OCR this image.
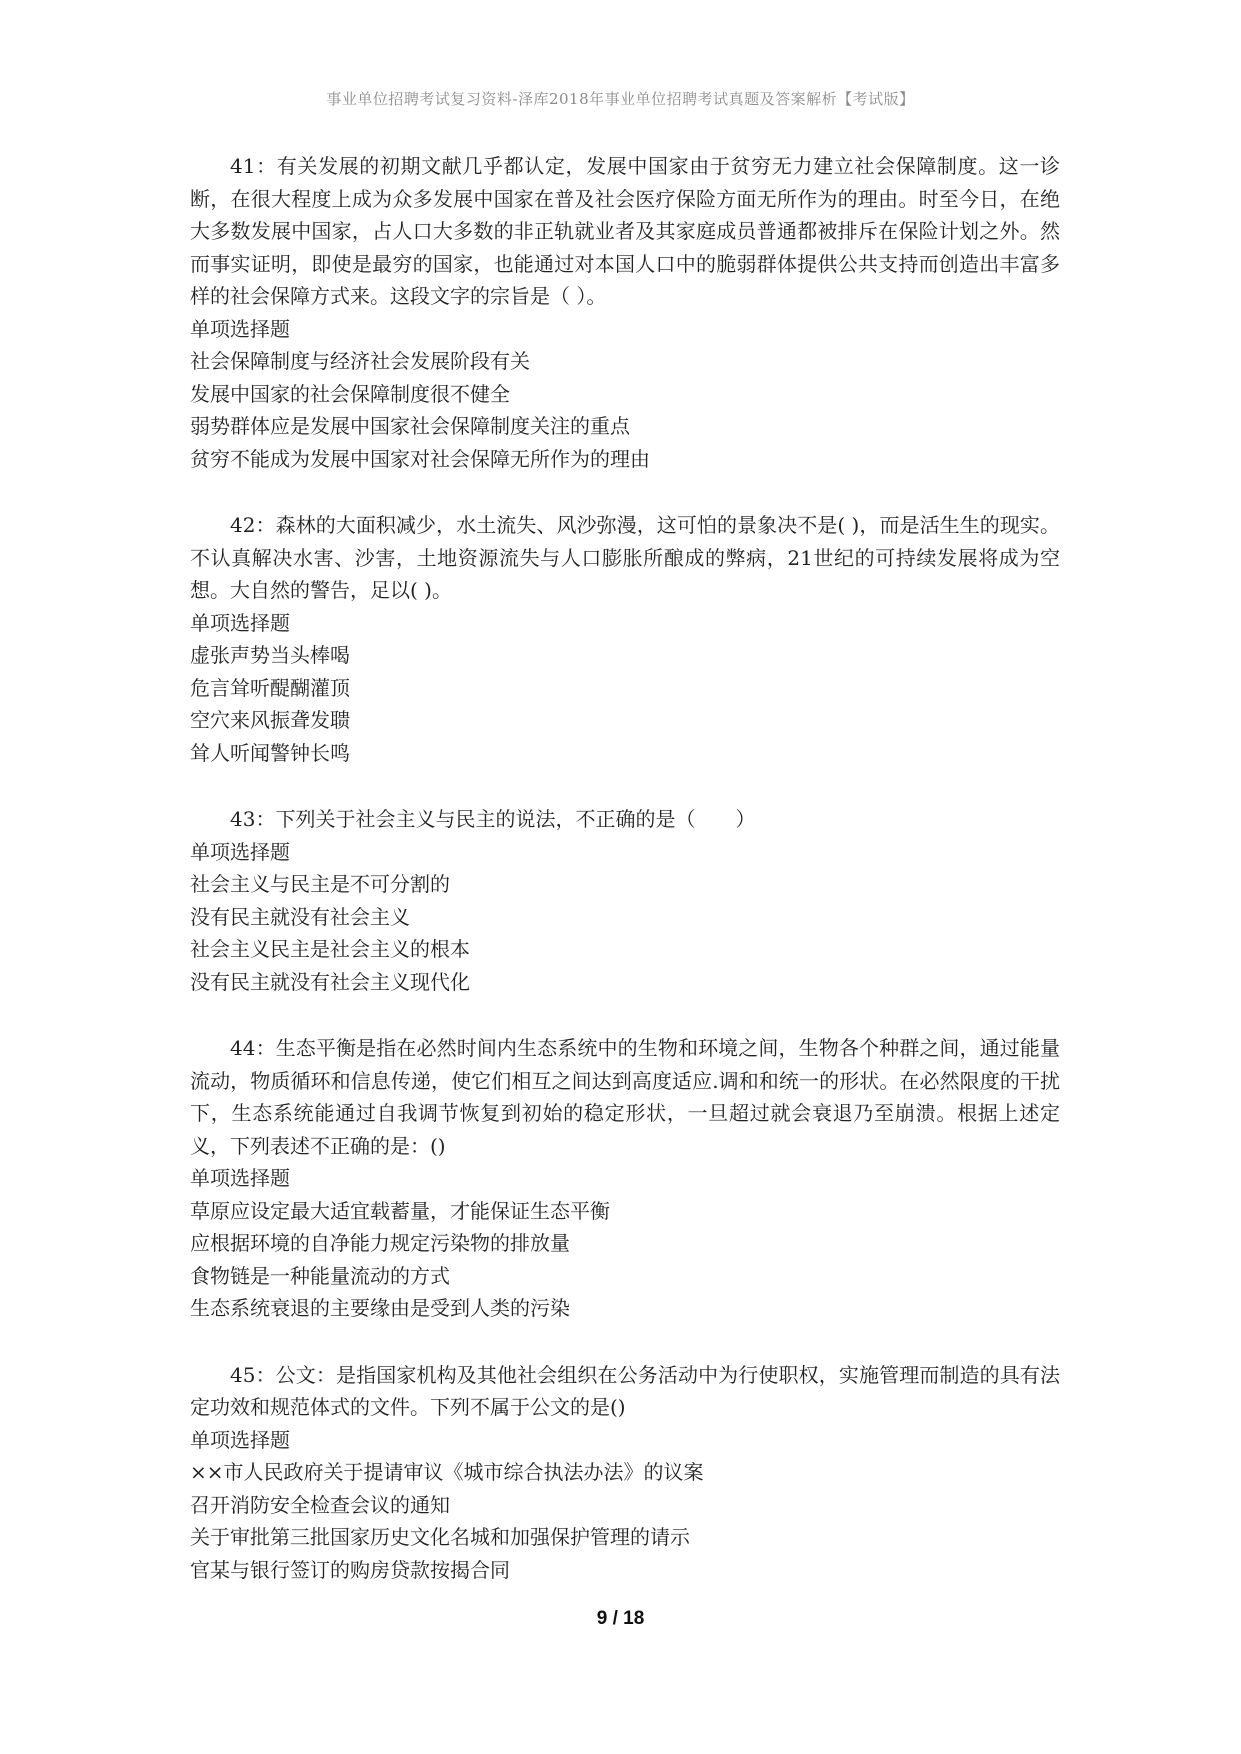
事业单位招聘考试复习资料-泽库2018年事业单位招聘考试真题及答案解析【考试版】

41：有关发展的初期文献几乎都认定，发展中国家由于贫穷无力建立社会保障制度。这一诊断，在很大程度上成为众多发展中国家在普及社会医疗保险方面无所作为的理由。时至今日，在绝大多数发展中国家，占人口大多数的非正轨就业者及其家庭成员普通都被排斥在保险计划之外。然而事实证明，即使是最穷的国家，也能通过对本国人口中的脆弱群体提供公共支持而创造出丰富多样的社会保障方式来。这段文字的宗旨是（ ）。

单项选择题

社会保障制度与经济社会发展阶段有关

发展中国家的社会保障制度很不健全

弱势群体应是发展中国家社会保障制度关注的重点

贫穷不能成为发展中国家对社会保障无所作为的理由

42：森林的大面积减少，水土流失、风沙弥漫，这可怕的景象决不是( )，而是活生生的现实。不认真解决水害、沙害，土地资源流失与人口膨胀所酿成的弊病，21世纪的可持续发展将成为空想。大自然的警告，足以( )。

单项选择题

虚张声势当头棒喝

危言耸听醍醐灌顶

空穴来风振聋发聩

耸人听闻警钟长鸣

43：下列关于社会主义与民主的说法，不正确的是（　　）

单项选择题

社会主义与民主是不可分割的

没有民主就没有社会主义

社会主义民主是社会主义的根本

没有民主就没有社会主义现代化

44：生态平衡是指在必然时间内生态系统中的生物和环境之间，生物各个种群之间，通过能量流动，物质循环和信息传递，使它们相互之间达到高度适应.调和和统一的形状。在必然限度的干扰下，生态系统能通过自我调节恢复到初始的稳定形状，一旦超过就会衰退乃至崩溃。根据上述定义，下列表述不正确的是：()

单项选择题

草原应设定最大适宜载蓄量，才能保证生态平衡

应根据环境的自净能力规定污染物的排放量

食物链是一种能量流动的方式

生态系统衰退的主要缘由是受到人类的污染

45：公文：是指国家机构及其他社会组织在公务活动中为行使职权，实施管理而制造的具有法定功效和规范体式的文件。下列不属于公文的是()

单项选择题

××市人民政府关于提请审议《城市综合执法办法》的议案

召开消防安全检查会议的通知

关于审批第三批国家历史文化名城和加强保护管理的请示

官某与银行签订的购房贷款按揭合同

9 / 18
